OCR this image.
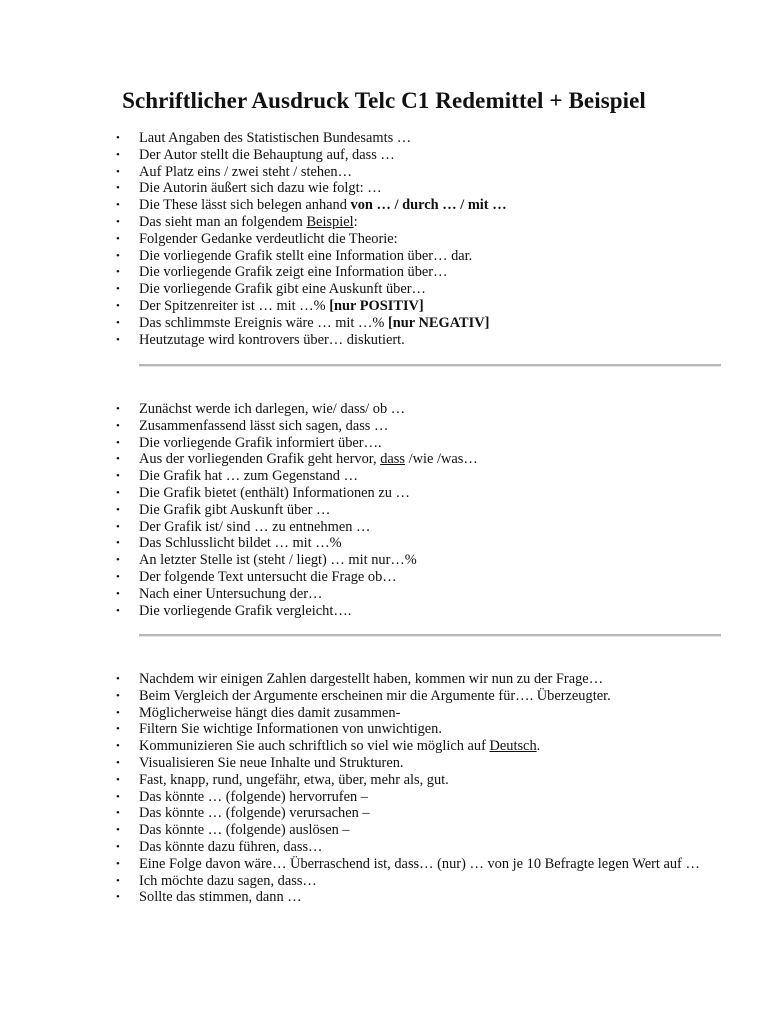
Schriftlicher Ausdruck Telc C1 Redemittel + Beispiel
• Laut Angaben des Statistischen Bundesamts …
• Der Autor stellt die Behauptung auf, dass …
• Auf Platz eins / zwei steht / stehen…
• Die Autorin äußert sich dazu wie folgt: …
• Die These lässt sich belegen anhand von … / durch … / mit …
• Das sieht man an folgendem Beispiel:
• Folgender Gedanke verdeutlicht die Theorie:
• Die vorliegende Grafik stellt eine Information über… dar.
• Die vorliegende Grafik zeigt eine Information über…
• Die vorliegende Grafik gibt eine Auskunft über…
• Der Spitzenreiter ist … mit …% [nur POSITIV]
• Das schlimmste Ereignis wäre … mit …% [nur NEGATIV]
• Heutzutage wird kontrovers über… diskutiert.
• Zunächst werde ich darlegen, wie/ dass/ ob …
• Zusammenfassend lässt sich sagen, dass …
• Die vorliegende Grafik informiert über….
• Aus der vorliegenden Grafik geht hervor, dass /wie /was…
• Die Grafik hat … zum Gegenstand …
• Die Grafik bietet (enthält) Informationen zu …
• Die Grafik gibt Auskunft über …
• Der Grafik ist/ sind … zu entnehmen …
• Das Schlusslicht bildet … mit …%
• An letzter Stelle ist (steht / liegt) … mit nur…%
• Der folgende Text untersucht die Frage ob…
• Nach einer Untersuchung der…
• Die vorliegende Grafik vergleicht….
• Nachdem wir einigen Zahlen dargestellt haben, kommen wir nun zu der Frage…
• Beim Vergleich der Argumente erscheinen mir die Argumente für…. Überzeugter.
• Möglicherweise hängt dies damit zusammen-
• Filtern Sie wichtige Informationen von unwichtigen.
• Kommunizieren Sie auch schriftlich so viel wie möglich auf Deutsch.
• Visualisieren Sie neue Inhalte und Strukturen.
• Fast, knapp, rund, ungefähr, etwa, über, mehr als, gut.
• Das könnte … (folgende) hervorrufen –
• Das könnte … (folgende) verursachen –
• Das könnte … (folgende) auslösen –
• Das könnte dazu führen, dass…
• Eine Folge davon wäre… Überraschend ist, dass… (nur) … von je 10 Befragte legen Wert auf …
• Ich möchte dazu sagen, dass…
• Sollte das stimmen, dann …
